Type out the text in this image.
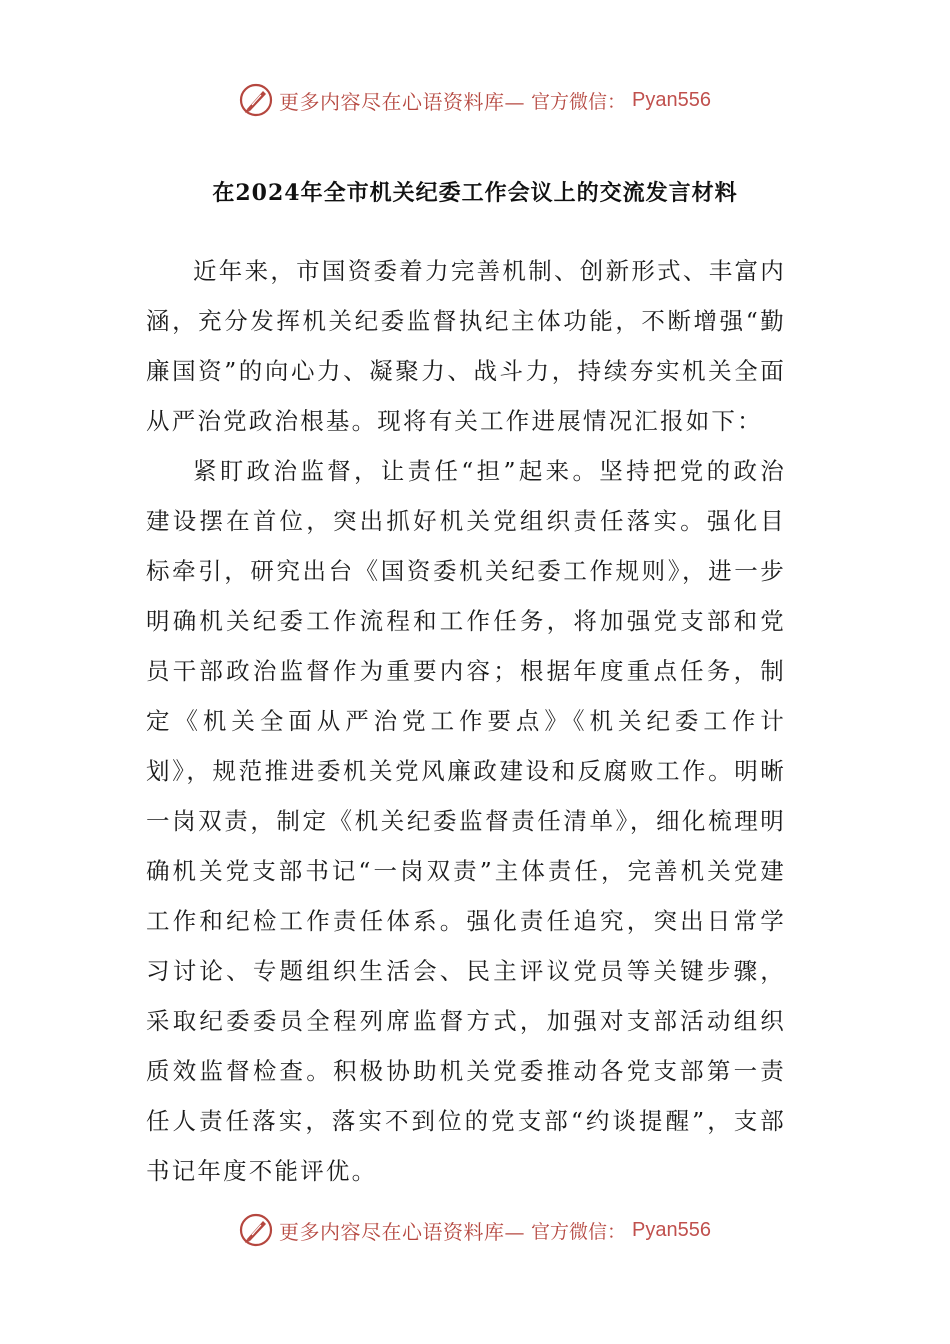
更多内容尽在心语资料库— 官方微信： Pyan556
在2024年全市机关纪委工作会议上的交流发言材料

近年来，市国资委着力完善机制、创新形式、丰富内涵，充分发挥机关纪委监督执纪主体功能，不断增强“勤廉国资”的向心力、凝聚力、战斗力，持续夯实机关全面从严治党政治根基。现将有关工作进展情况汇报如下：

紧盯政治监督，让责任“担”起来。坚持把党的政治建设摆在首位，突出抓好机关党组织责任落实。强化目标牵引，研究出台《国资委机关纪委工作规则》，进一步明确机关纪委工作流程和工作任务，将加强党支部和党员干部政治监督作为重要内容；根据年度重点任务，制定《机关全面从严治党工作要点》《机关纪委工作计划》，规范推进委机关党风廉政建设和反腐败工作。明晰一岗双责，制定《机关纪委监督责任清单》，细化梳理明确机关党支部书记“一岗双责”主体责任，完善机关党建工作和纪检工作责任体系。强化责任追究，突出日常学习讨论、专题组织生活会、民主评议党员等关键步骤，采取纪委委员全程列席监督方式，加强对支部活动组织质效监督检查。积极协助机关党委推动各党支部第一责任人责任落实，落实不到位的党支部“约谈提醒”，支部书记年度不能评优。

更多内容尽在心语资料库— 官方微信： Pyan556
